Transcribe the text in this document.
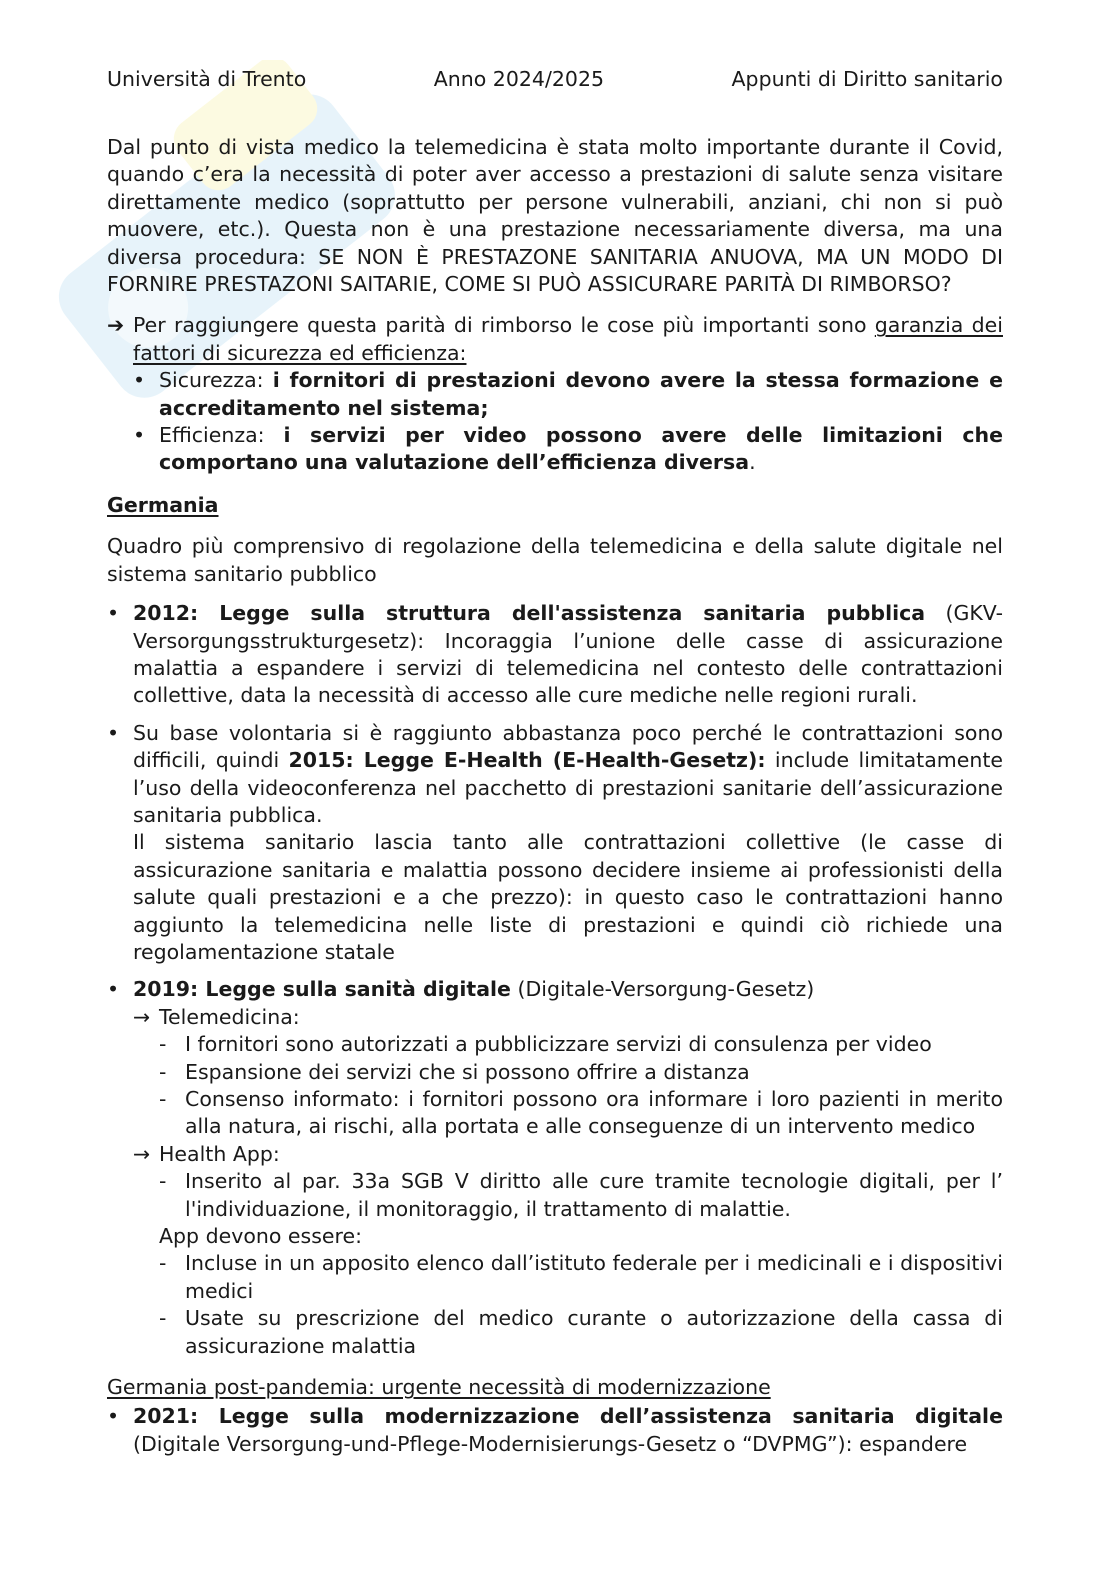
Università di Trento	Anno 2024/2025	Appunti di Diritto sanitario

Dal punto di vista medico la telemedicina è stata molto importante durante il Covid, quando c’era la necessità di poter aver accesso a prestazioni di salute senza visitare direttamente medico (soprattutto per persone vulnerabili, anziani, chi non si può muovere, etc.). Questa non è una prestazione necessariamente diversa, ma una diversa procedura: SE NON È PRESTAZONE SANITARIA ANUOVA, MA UN MODO DI FORNIRE PRESTAZONI SAITARIE, COME SI PUÒ ASSICURARE PARITÀ DI RIMBORSO?

➔ Per raggiungere questa parità di rimborso le cose più importanti sono garanzia dei fattori di sicurezza ed efficienza:

• Sicurezza: i fornitori di prestazioni devono avere la stessa formazione e accreditamento nel sistema;
• Efficienza: i servizi per video possono avere delle limitazioni che comportano una valutazione dell’efficienza diversa.
Germania

Quadro più comprensivo di regolazione della telemedicina e della salute digitale nel sistema sanitario pubblico

• 2012: Legge sulla struttura dell'assistenza sanitaria pubblica (GKV-Versorgungsstrukturgesetz): Incoraggia l’unione delle casse di assicurazione malattia a espandere i servizi di telemedicina nel contesto delle contrattazioni collettive, data la necessità di accesso alle cure mediche nelle regioni rurali.

• Su base volontaria si è raggiunto abbastanza poco perché le contrattazioni sono difficili, quindi 2015: Legge E-Health (E-Health-Gesetz): include limitatamente l’uso della videoconferenza nel pacchetto di prestazioni sanitarie dell’assicurazione sanitaria pubblica.

Il sistema sanitario lascia tanto alle contrattazioni collettive (le casse di assicurazione sanitaria e malattia possono decidere insieme ai professionisti della salute quali prestazioni e a che prezzo): in questo caso le contrattazioni hanno aggiunto la telemedicina nelle liste di prestazioni e quindi ciò richiede una regolamentazione statale

• 2019: Legge sulla sanità digitale (Digitale-Versorgung-Gesetz)

→ Telemedicina:
- I fornitori sono autorizzati a pubblicizzare servizi di consulenza per video
- Espansione dei servizi che si possono offrire a distanza
- Consenso informato: i fornitori possono ora informare i loro pazienti in merito alla natura, ai rischi, alla portata e alle conseguenze di un intervento medico
→ Health App:
- Inserito al par. 33a SGB V diritto alle cure tramite tecnologie digitali, per l’ l'individuazione, il monitoraggio, il trattamento di malattie.

App devono essere:

- Incluse in un apposito elenco dall’istituto federale per i medicinali e i dispositivi medici
- Usate su prescrizione del medico curante o autorizzazione della cassa di assicurazione malattia
Germania post-pandemia: urgente necessità di modernizzazione
• 2021: Legge sulla modernizzazione dell’assistenza sanitaria digitale (Digitale Versorgung-und-Pflege-Modernisierungs-Gesetz o “DVPMG”): espandere
